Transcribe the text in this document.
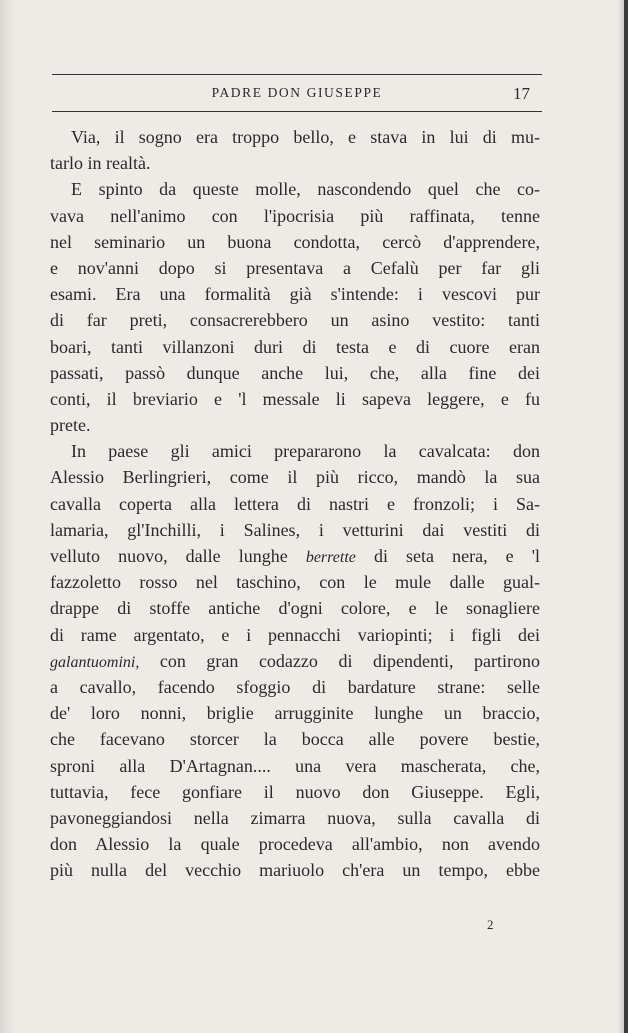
PADRE DON GIUSEPPE	17
Via, il sogno era troppo bello, e stava in lui di mu-
tarlo in realtà.
E spinto da queste molle, nascondendo quel che co-
vava nell'animo con l'ipocrisia più raffinata, tenne
nel seminario un buona condotta, cercò d'apprendere,
e nov'anni dopo si presentava a Cefalù per far gli
esami. Era una formalità già s'intende: i vescovi pur
di far preti, consacrerebbero un asino vestito: tanti
boari, tanti villanzoni duri di testa e di cuore eran
passati, passò dunque anche lui, che, alla fine dei
conti, il breviario e 'l messale li sapeva leggere, e fu
prete.
In paese gli amici prepararono la cavalcata: don
Alessio Berlingrieri, come il più ricco, mandò la sua
cavalla coperta alla lettera di nastri e fronzoli; i Sa-
lamaria, gl'Inchilli, i Salines, i vetturini dai vestiti di
velluto nuovo, dalle lunghe berrette di seta nera, e 'l
fazzoletto rosso nel taschino, con le mule dalle gual-
drappe di stoffe antiche d'ogni colore, e le sonagliere
di rame argentato, e i pennacchi variopinti; i figli dei
galantuomini, con gran codazzo di dipendenti, partirono
a cavallo, facendo sfoggio di bardature strane: selle
de' loro nonni, briglie arrugginite lunghe un braccio,
che facevano storcer la bocca alle povere bestie,
sproni alla D'Artagnan.... una vera mascherata, che,
tuttavia, fece gonfiare il nuovo don Giuseppe. Egli,
pavoneggiandosi nella zimarra nuova, sulla cavalla di
don Alessio la quale procedeva all'ambio, non avendo
più nulla del vecchio mariuolo ch'era un tempo, ebbe
2
